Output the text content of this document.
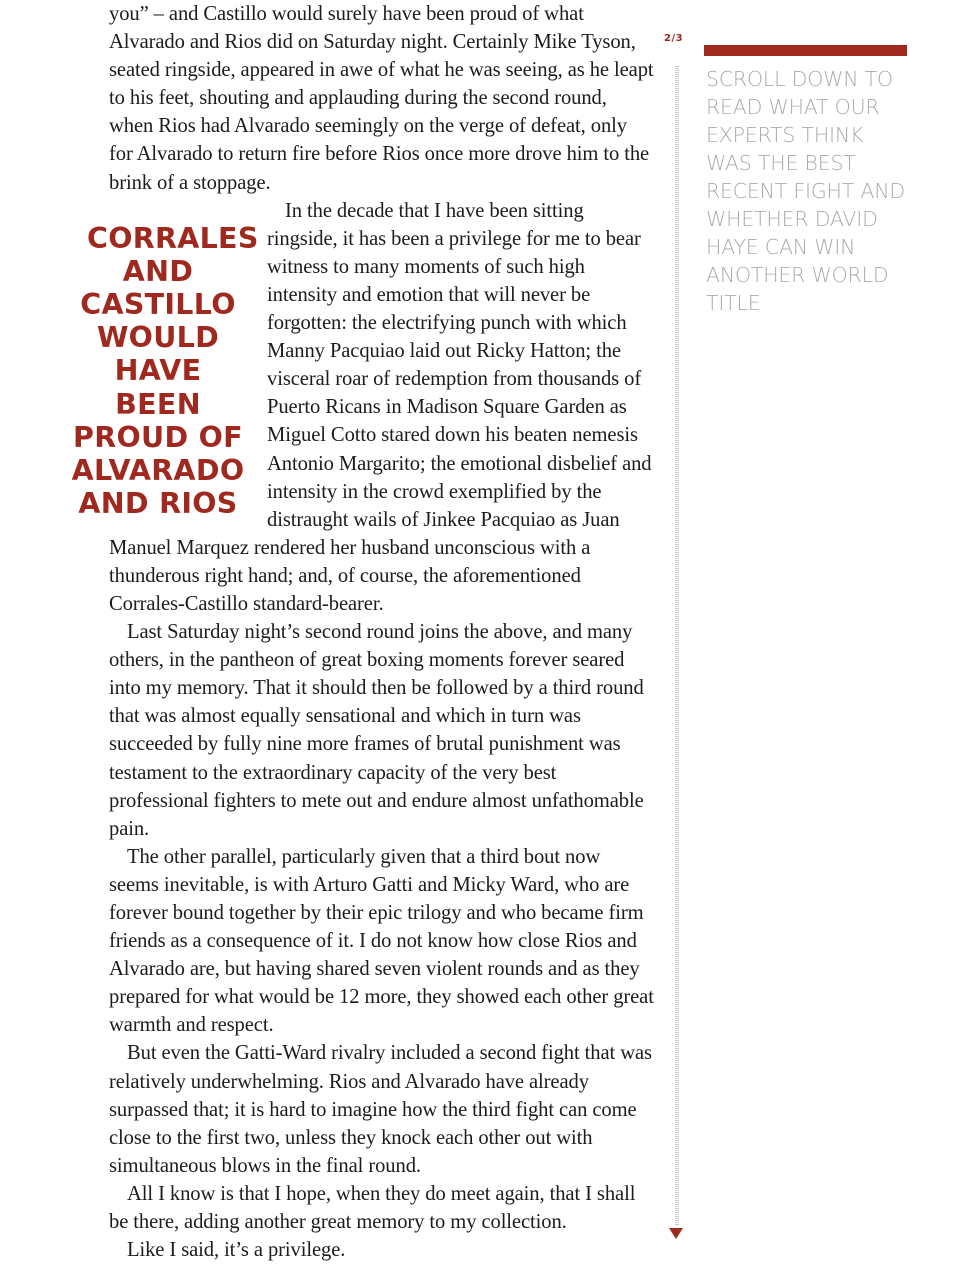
you” – and Castillo would surely have been proud of what Alvarado and Rios did on Saturday night. Certainly Mike Tyson, seated ringside, appeared in awe of what he was seeing, as he leapt to his feet, shouting and applauding during the second round, when Rios had Alvarado seemingly on the verge of defeat, only for Alvarado to return fire before Rios once more drove him to the brink of a stoppage.

CORRALES AND CASTILLO WOULD HAVE BEEN PROUD OF ALVARADO AND RIOS
In the decade that I have been sitting ringside, it has been a privilege for me to bear witness to many moments of such high intensity and emotion that will never be forgotten: the electrifying punch with which Manny Pacquiao laid out Ricky Hatton; the visceral roar of redemption from thousands of Puerto Ricans in Madison Square Garden as Miguel Cotto stared down his beaten nemesis Antonio Margarito; the emotional disbelief and intensity in the crowd exemplified by the distraught wails of Jinkee Pacquiao as Juan Manuel Marquez rendered her husband unconscious with a thunderous right hand; and, of course, the aforementioned Corrales-Castillo standard-bearer.

Last Saturday night’s second round joins the above, and many others, in the pantheon of great boxing moments forever seared into my memory. That it should then be followed by a third round that was almost equally sensational and which in turn was succeeded by fully nine more frames of brutal punishment was testament to the extraordinary capacity of the very best professional fighters to mete out and endure almost unfathomable pain.

The other parallel, particularly given that a third bout now seems inevitable, is with Arturo Gatti and Micky Ward, who are forever bound together by their epic trilogy and who became firm friends as a consequence of it. I do not know how close Rios and Alvarado are, but having shared seven violent rounds and as they prepared for what would be 12 more, they showed each other great warmth and respect.

But even the Gatti-Ward rivalry included a second fight that was relatively underwhelming. Rios and Alvarado have already surpassed that; it is hard to imagine how the third fight can come close to the first two, unless they knock each other out with simultaneous blows in the final round.

All I know is that I hope, when they do meet again, that I shall be there, adding another great memory to my collection.

Like I said, it’s a privilege.

2/3
SCROLL DOWN TO READ WHAT OUR EXPERTS THINK WAS THE BEST RECENT FIGHT AND WHETHER DAVID HAYE CAN WIN ANOTHER WORLD TITLE
